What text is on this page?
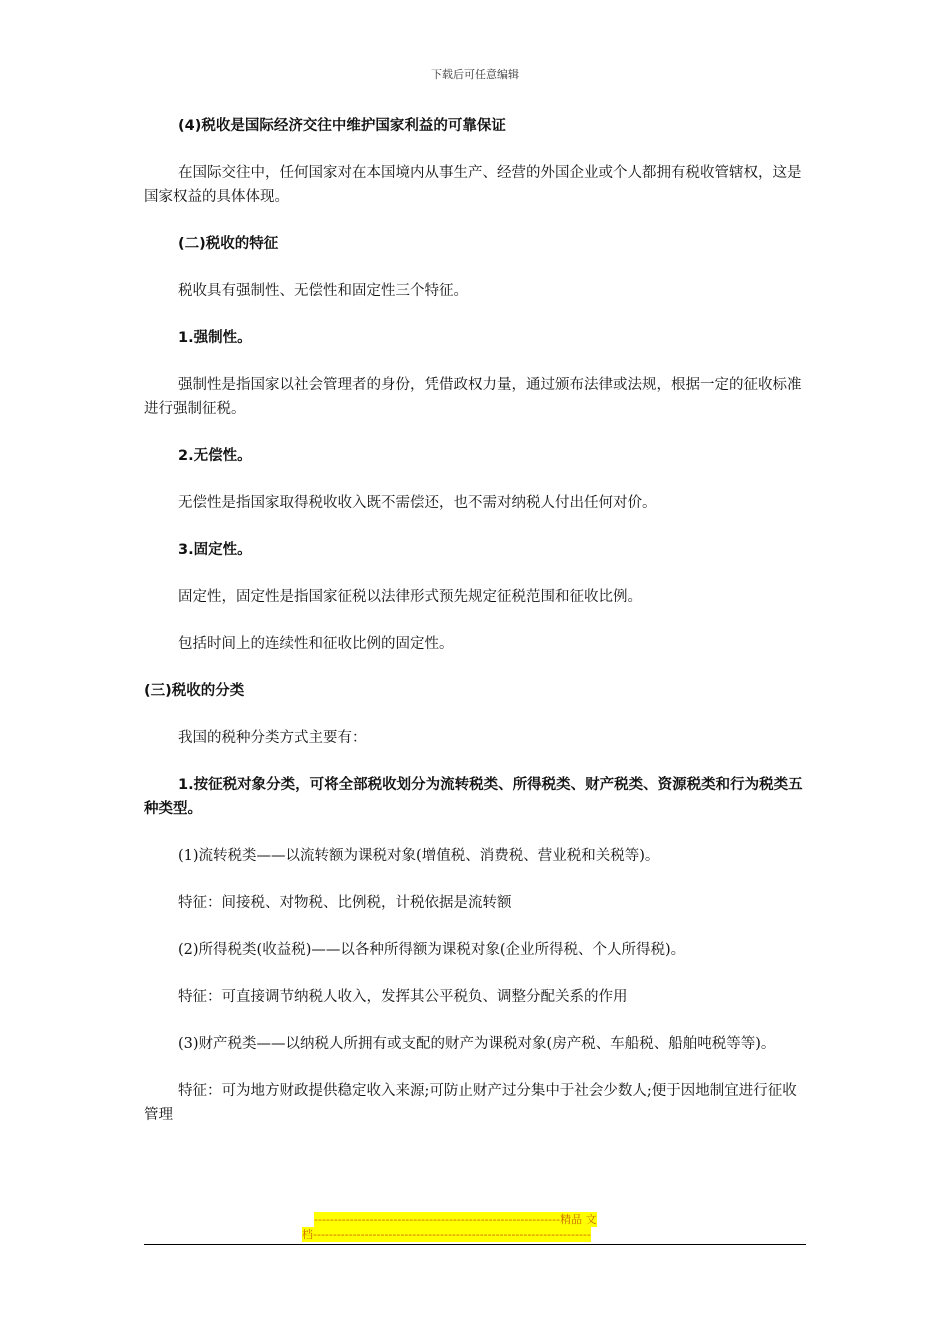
下载后可任意编辑

(4)税收是国际经济交往中维护国家利益的可靠保证

在国际交往中，任何国家对在本国境内从事生产、经营的外国企业或个人都拥有税收管辖权，这是国家权益的具体体现。

(二)税收的特征

税收具有强制性、无偿性和固定性三个特征。

1.强制性。

强制性是指国家以社会管理者的身份，凭借政权力量，通过颁布法律或法规，根据一定的征收标准进行强制征税。

2.无偿性。

无偿性是指国家取得税收收入既不需偿还，也不需对纳税人付出任何对价。

3.固定性。

固定性，固定性是指国家征税以法律形式预先规定征税范围和征收比例。

包括时间上的连续性和征收比例的固定性。

(三)税收的分类

我国的税种分类方式主要有：

1.按征税对象分类，可将全部税收划分为流转税类、所得税类、财产税类、资源税类和行为税类五种类型。

(1)流转税类——以流转额为课税对象(增值税、消费税、营业税和关税等)。

特征：间接税、对物税、比例税，计税依据是流转额

(2)所得税类(收益税)——以各种所得额为课税对象(企业所得税、个人所得税)。

特征：可直接调节纳税人收入，发挥其公平税负、调整分配关系的作用

(3)财产税类——以纳税人所拥有或支配的财产为课税对象(房产税、车船税、船舶吨税等等)。

特征：可为地方财政提供稳定收入来源;可防止财产过分集中于社会少数人;便于因地制宜进行征收管理

--------------------------------------------------------------精品 文
档----------------------------------------------------------------------
